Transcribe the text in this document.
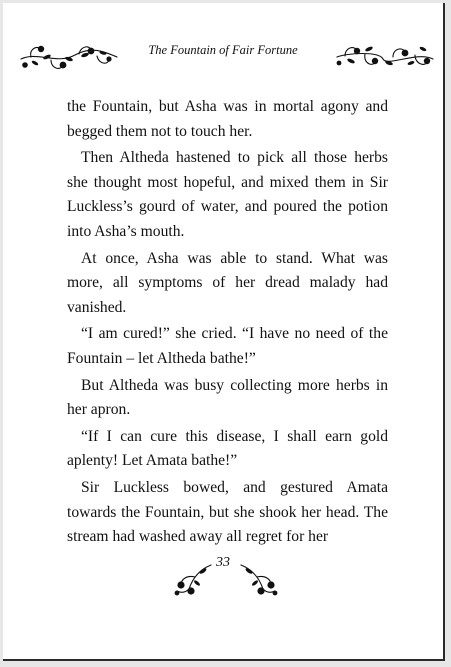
The Fountain of Fair Fortune

the Fountain, but Asha was in mortal agony and begged them not to touch her.

Then Altheda hastened to pick all those herbs she thought most hopeful, and mixed them in Sir Luckless’s gourd of water, and poured the potion into Asha’s mouth.

At once, Asha was able to stand. What was more, all symptoms of her dread malady had vanished.

“I am cured!” she cried. “I have no need of the Fountain – let Altheda bathe!”

But Altheda was busy collecting more herbs in her apron.

“If I can cure this disease, I shall earn gold aplenty! Let Amata bathe!”

Sir Luckless bowed, and gestured Amata towards the Fountain, but she shook her head. The stream had washed away all regret for her

33
